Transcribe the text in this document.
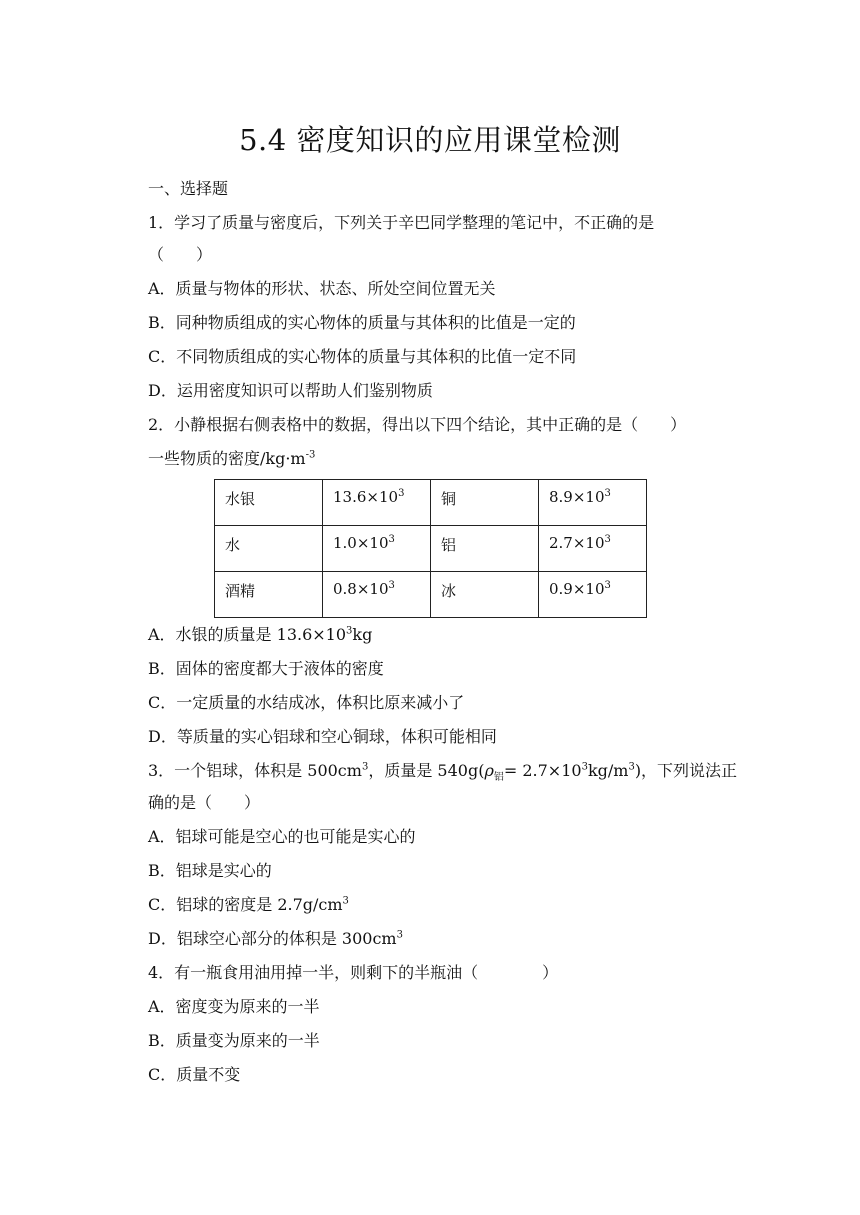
5.4 密度知识的应用课堂检测
一、选择题
1．学习了质量与密度后，下列关于辛巴同学整理的笔记中，不正确的是
（　　）
A．质量与物体的形状、状态、所处空间位置无关
B．同种物质组成的实心物体的质量与其体积的比值是一定的
C．不同物质组成的实心物体的质量与其体积的比值一定不同
D．运用密度知识可以帮助人们鉴别物质
2．小静根据右侧表格中的数据，得出以下四个结论，其中正确的是（　　）
一些物质的密度$/kg\cdot m^{-3}$
水银	$13.6\times 10^3$	铜	$8.9\times 10^3$
水	$1.0\times 10^3$	铝	$2.7\times 10^3$
酒精	$0.8\times 10^3$	冰	$0.9\times 10^3$
A．水银的质量是 $13.6\times 10^3kg$
B．固体的密度都大于液体的密度
C．一定质量的水结成冰，体积比原来减小了
D．等质量的实心铝球和空心铜球，体积可能相同
3．一个铝球，体积是 $500cm^3$，质量是 $540g(\rho_铝= 2.7\times 10^3kg/m^3)$，下列说法正
确的是（　　）
A．铝球可能是空心的也可能是实心的
B．铝球是实心的
C．铝球的密度是 $2.7g/cm^3$
D．铝球空心部分的体积是 $300cm^3$
4．有一瓶食用油用掉一半，则剩下的半瓶油（　　　　）
A．密度变为原来的一半
B．质量变为原来的一半
C．质量不变
